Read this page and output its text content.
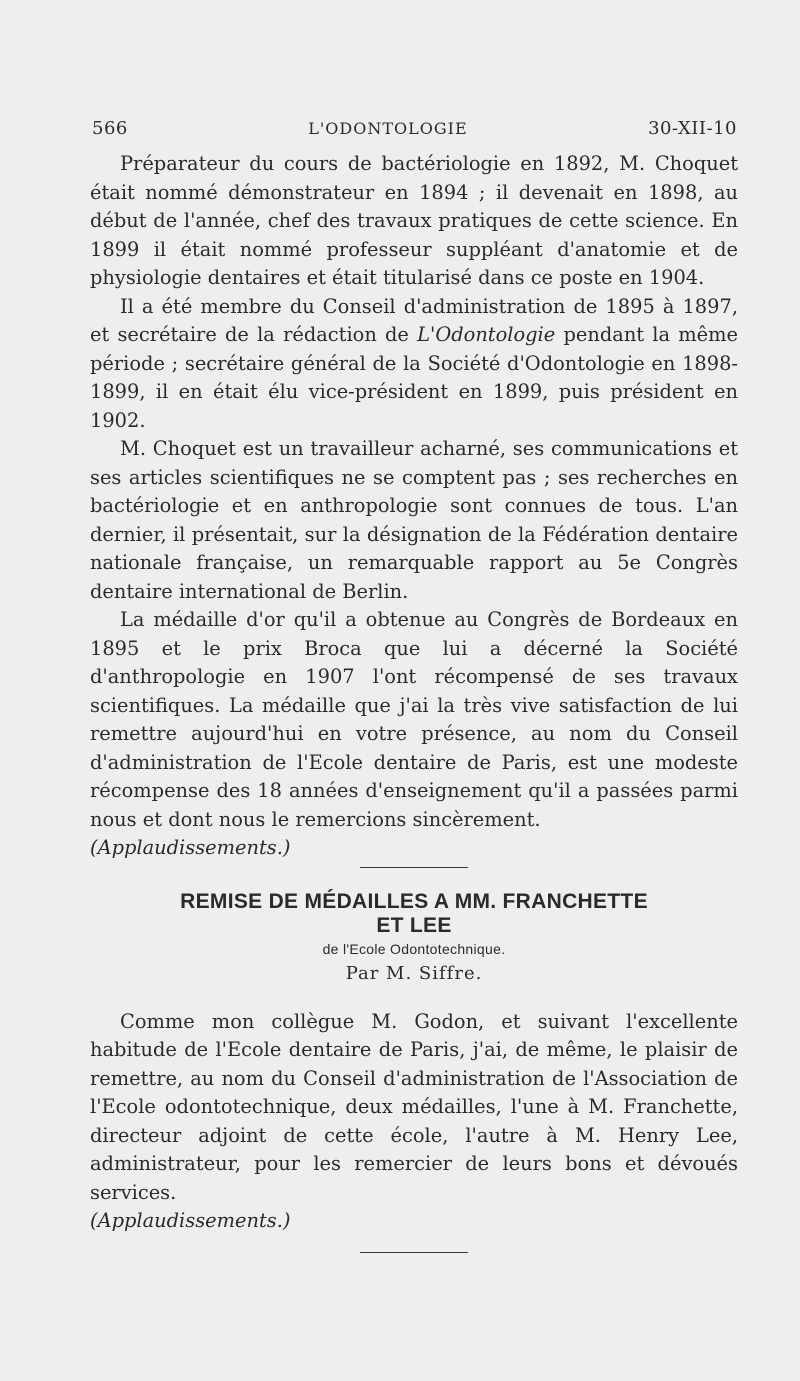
566	L'ODONTOLOGIE	30-XII-10

Préparateur du cours de bactériologie en 1892, M. Choquet était nommé démonstrateur en 1894 ; il devenait en 1898, au début de l'année, chef des travaux pratiques de cette science. En 1899 il était nommé professeur suppléant d'anatomie et de physiologie dentaires et était titularisé dans ce poste en 1904.

Il a été membre du Conseil d'administration de 1895 à 1897, et secrétaire de la rédaction de L'Odontologie pendant la même période ; secrétaire général de la Société d'Odontologie en 1898-1899, il en était élu vice-président en 1899, puis président en 1902.

M. Choquet est un travailleur acharné, ses communications et ses articles scientifiques ne se comptent pas ; ses recherches en bactériologie et en anthropologie sont connues de tous. L'an dernier, il présentait, sur la désignation de la Fédération dentaire nationale française, un remarquable rapport au 5e Congrès dentaire international de Berlin.

La médaille d'or qu'il a obtenue au Congrès de Bordeaux en 1895 et le prix Broca que lui a décerné la Société d'anthropologie en 1907 l'ont récompensé de ses travaux scientifiques. La médaille que j'ai la très vive satisfaction de lui remettre aujourd'hui en votre présence, au nom du Conseil d'administration de l'Ecole dentaire de Paris, est une modeste récompense des 18 années d'enseignement qu'il a passées parmi nous et dont nous le remercions sincèrement.

(Applaudissements.)

REMISE DE MÉDAILLES A MM. FRANCHETTE
ET LEE
de l'Ecole Odontotechnique.
Par M. Siffre.

Comme mon collègue M. Godon, et suivant l'excellente habitude de l'Ecole dentaire de Paris, j'ai, de même, le plaisir de remettre, au nom du Conseil d'administration de l'Association de l'Ecole odontotechnique, deux médailles, l'une à M. Franchette, directeur adjoint de cette école, l'autre à M. Henry Lee, administrateur, pour les remercier de leurs bons et dévoués services.

(Applaudissements.)
